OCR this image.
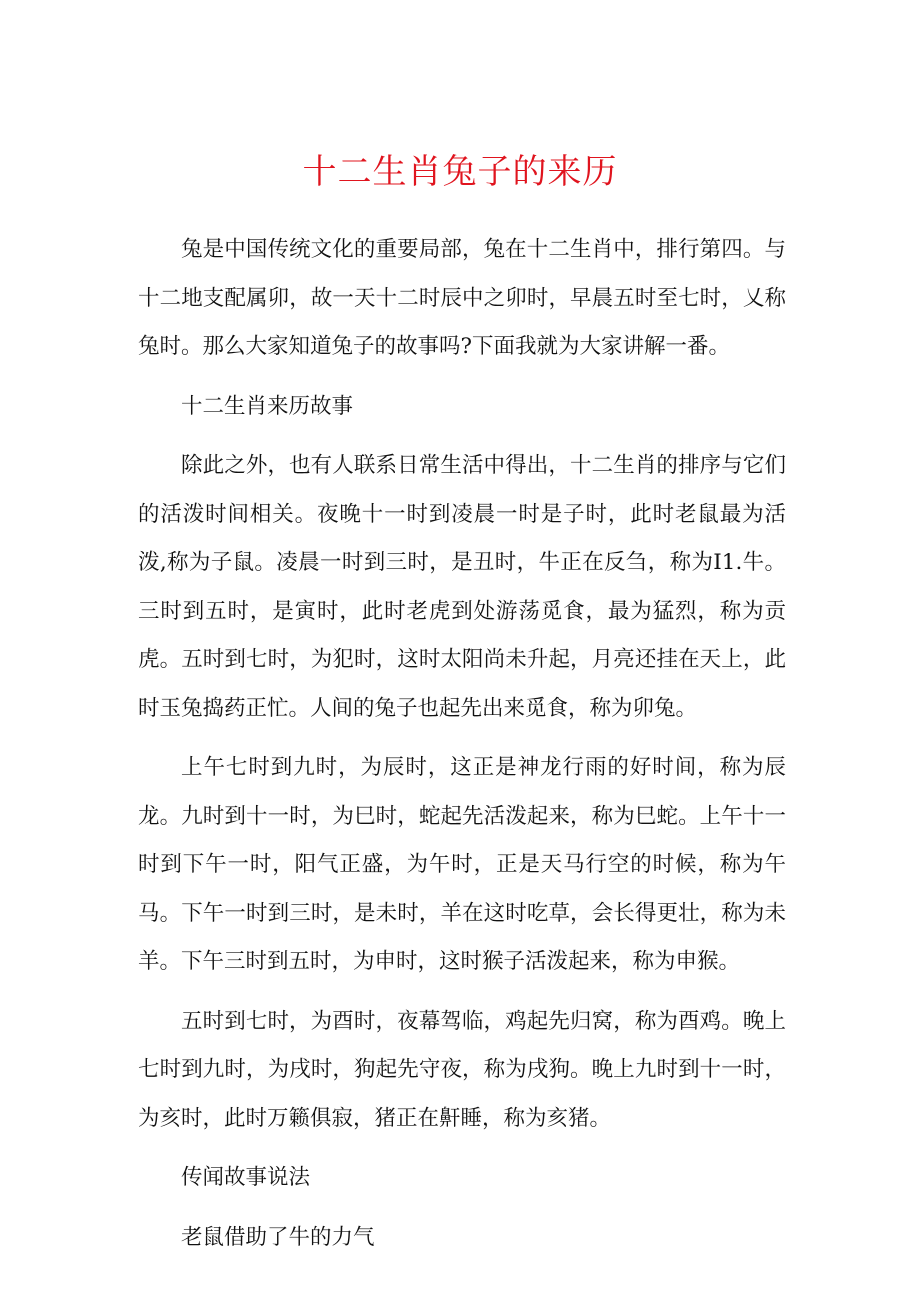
十二生肖兔子的来历

兔是中国传统文化的重要局部，兔在十二生肖中，排行第四。与十二地支配属卯，故一天十二时辰中之卯时，早晨五时至七时，乂称兔时。那么大家知道兔子的故事吗?下面我就为大家讲解一番。

十二生肖来历故事

除此之外，也有人联系日常生活中得出，十二生肖的排序与它们的活泼时间相关。夜晚十一时到凌晨一时是子时，此时老鼠最为活泼,称为子鼠。凌晨一时到三时，是丑时，牛正在反刍，称为I1.牛。三时到五时，是寅时，此时老虎到处游荡觅食，最为猛烈，称为贡虎。五时到七时，为犯时，这时太阳尚未升起，月亮还挂在天上，此时玉兔捣药正忙。人间的兔子也起先出来觅食，称为卯兔。

上午七时到九时，为辰时，这正是神龙行雨的好时间，称为辰龙。九时到十一时，为巳时，蛇起先活泼起来，称为巳蛇。上午十一时到下午一时，阳气正盛，为午时，正是天马行空的时候，称为午马。下午一时到三时，是未时，羊在这时吃草，会长得更壮，称为未羊。下午三时到五时，为申时，这时猴子活泼起来，称为申猴。

五时到七时，为酉时，夜幕驾临，鸡起先归窝，称为酉鸡。晚上七时到九时，为戌时，狗起先守夜，称为戌狗。晚上九时到十一时，为亥时，此时万籁俱寂，猪正在鼾睡，称为亥猪。

传闻故事说法

老鼠借助了牛的力气
